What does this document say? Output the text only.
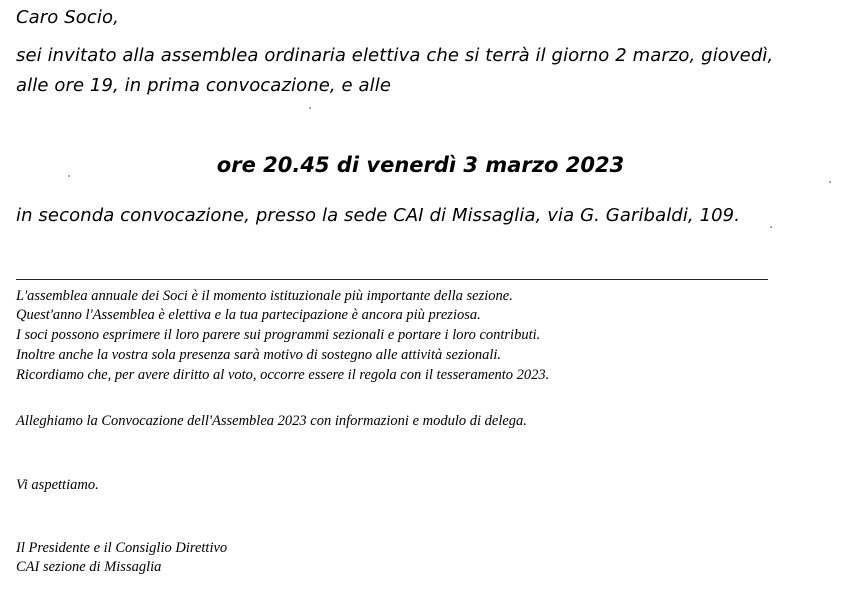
Caro Socio,
sei invitato alla assemblea ordinaria elettiva che si terrà il giorno 2 marzo, giovedì,
alle ore 19, in prima convocazione, e alle
ore 20.45 di venerdì 3 marzo 2023
in seconda convocazione, presso la sede CAI di Missaglia, via G. Garibaldi, 109.
L'assemblea annuale dei Soci è il momento istituzionale più importante della sezione.
Quest'anno l'Assemblea è elettiva e la tua partecipazione è ancora più preziosa.
I soci possono esprimere il loro parere sui programmi sezionali e portare i loro contributi.
Inoltre anche la vostra sola presenza sarà motivo di sostegno alle attività sezionali.
Ricordiamo che, per avere diritto al voto, occorre essere il regola con il tesseramento 2023.
Alleghiamo la Convocazione dell'Assemblea 2023 con informazioni e modulo di delega.
Vi aspettiamo.
Il Presidente e il Consiglio Direttivo
CAI sezione di Missaglia
